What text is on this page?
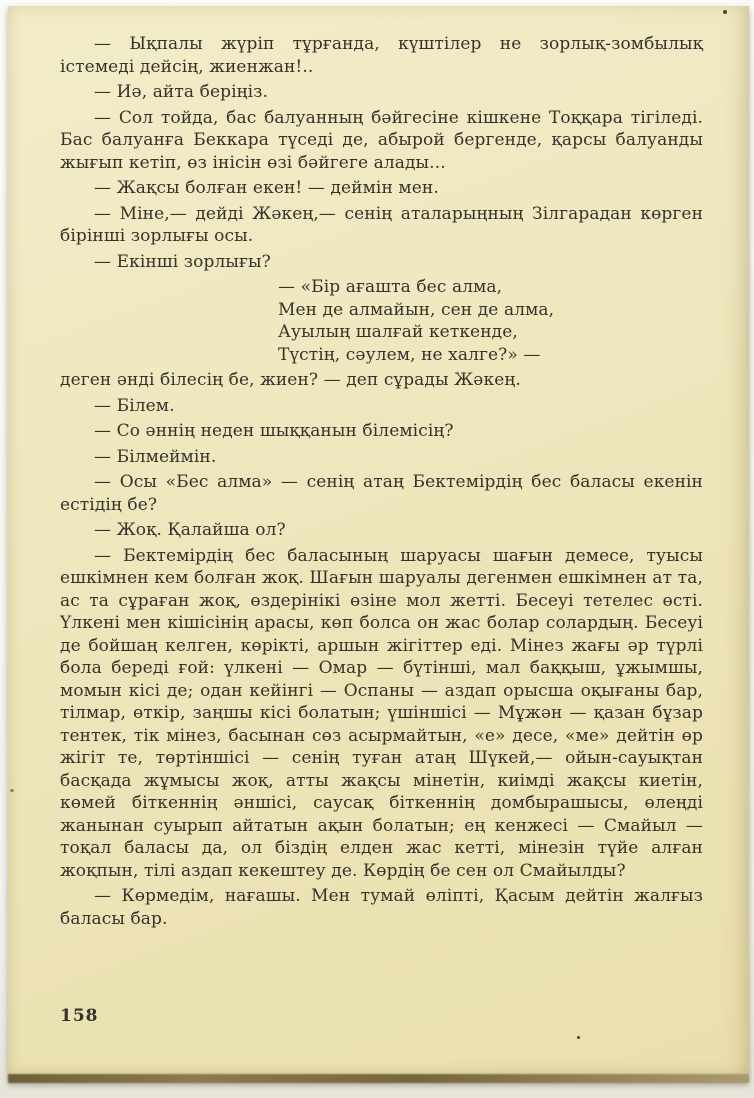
— Ықпалы жүріп тұрғанда, күштілер не зорлық-зомбылық істемеді дейсің, жиенжан!..

— Иә, айта беріңіз.

— Сол тойда, бас балуанның бәйгесіне кішкене Тоққара тігіледі. Бас балуанға Беккара түседі де, абырой бергенде, қарсы балуанды жығып кетіп, өз інісін өзі бәйгеге алады...

— Жақсы болған екен! — деймін мен.

— Міне,— дейді Жәкең,— сенің аталарыңның Зілгарадан көрген бірінші зорлығы осы.

— Екінші зорлығы?

— «Бір ағашта бес алма,
Мен де алмайын, сен де алма,
Ауылың шалғай кеткенде,
Түстің, сәулем, не халге?» —

деген әнді білесің бе, жиен? — деп сұрады Жәкең.

— Білем.

— Со әннің неден шыққанын білемісің?

— Білмеймін.

— Осы «Бес алма» — сенің атаң Бектемірдің бес баласы екенін естідің бе?

— Жоқ. Қалайша ол?

— Бектемірдің бес баласының шаруасы шағын демесе, туысы ешкімнен кем болған жоқ. Шағын шаруалы дегенмен ешкімнен ат та, ас та сұраған жоқ, өздерінікі өзіне мол жетті. Бесеуі тетелес өсті. Үлкені мен кішісінің арасы, көп болса он жас болар солардың. Бесеуі де бойшаң келген, көрікті, аршын жігіттер еді. Мінез жағы әр түрлі бола береді ғой: үлкені — Омар — бүтінші, мал баққыш, ұжымшы, момын кісі де; одан кейінгі — Оспаны — аздап орысша оқығаны бар, тілмар, өткір, заңшы кісі болатын; үшіншісі — Мұжән — қазан бұзар тентек, тік мінез, басынан сөз асырмайтын, «е» десе, «ме» дейтін өр жігіт те, төртіншісі — сенің туған атаң Шүкей,— ойын-сауықтан басқада жұмысы жоқ, атты жақсы мінетін, киімді жақсы киетін, көмей біткеннің әншісі, саусақ біткеннің домбырашысы, өлеңді жанынан суырып айтатын ақын болатын; ең кенжесі — Смайыл — тоқал баласы да, ол біздің елден жас кетті, мінезін түйе алған жоқпын, тілі аздап кекештеу де. Көрдің бе сен ол Смайылды?

— Көрмедім, нағашы. Мен тумай өліпті, Қасым дейтін жалғыз баласы бар.

158
